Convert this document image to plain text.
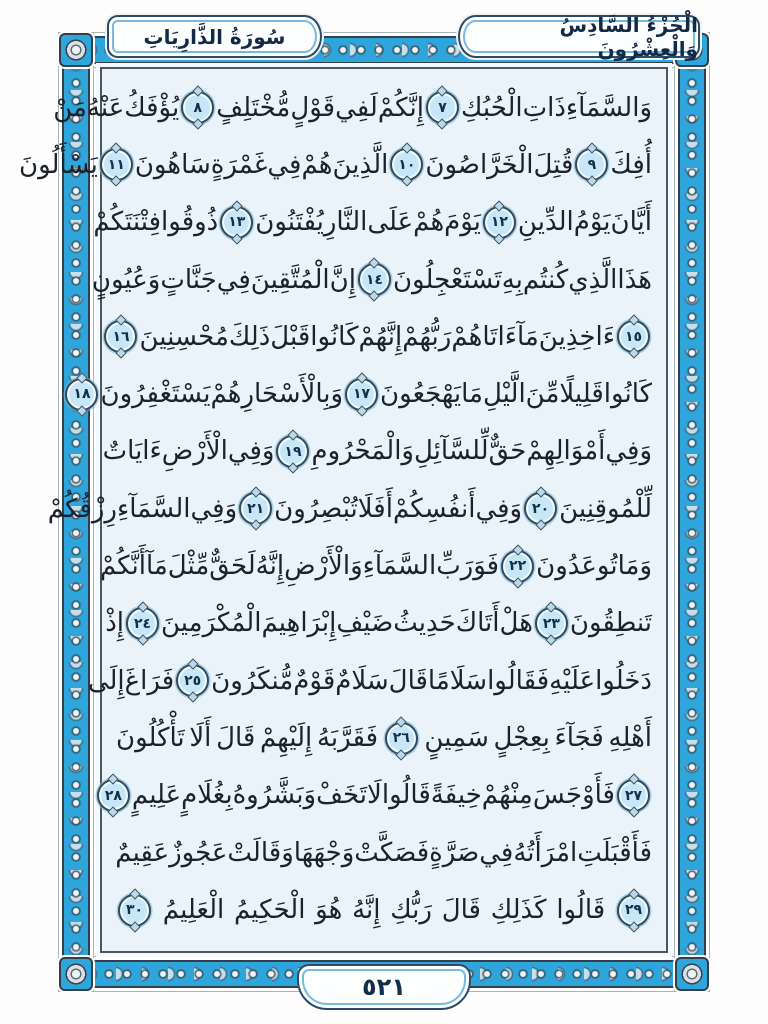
سُورَةُ الذَّارِيَاتِ	الْجُزْءُ السَّادِسُ وَالْعِشْرُونَ
وَالسَّمَآءِ
ذَاتِ
الْحُبُكِ
٧
إِنَّكُمْ
لَفِي
قَوْلٍ
مُّخْتَلِفٍ
٨
يُؤْفَكُ
عَنْهُ
مَنْ
أُفِكَ
٩
قُتِلَ
الْخَرَّاصُونَ
١٠
الَّذِينَ
هُمْ
فِي
غَمْرَةٍ
سَاهُونَ
١١
يَسْأَلُونَ
أَيَّانَ
يَوْمُ
الدِّينِ
١٢
يَوْمَ
هُمْ
عَلَى
النَّارِ
يُفْتَنُونَ
١٣
ذُوقُوا
فِتْنَتَكُمْ
هَذَا
الَّذِي
كُنتُم
بِهِ
تَسْتَعْجِلُونَ
١٤
إِنَّ
الْمُتَّقِينَ
فِي
جَنَّاتٍ
وَعُيُونٍ
١٥
ءَاخِذِينَ
مَآ
ءَاتَاهُمْ
رَبُّهُمْ
إِنَّهُمْ
كَانُوا
قَبْلَ
ذَلِكَ
مُحْسِنِينَ
١٦
كَانُوا
قَلِيلًا
مِّنَ
الَّيْلِ
مَا
يَهْجَعُونَ
١٧
وَبِالْأَسْحَارِ
هُمْ
يَسْتَغْفِرُونَ
١٨
وَفِي
أَمْوَالِهِمْ
حَقٌّ
لِّلسَّآئِلِ
وَالْمَحْرُومِ
١٩
وَفِي
الْأَرْضِ
ءَايَاتٌ
لِّلْمُوقِنِينَ
٢٠
وَفِي
أَنفُسِكُمْ
أَفَلَا
تُبْصِرُونَ
٢١
وَفِي
السَّمَآءِ
رِزْقُكُمْ
وَمَا
تُوعَدُونَ
٢٢
فَوَرَبِّ
السَّمَآءِ
وَالْأَرْضِ
إِنَّهُ
لَحَقٌّ
مِّثْلَ
مَآ
أَنَّكُمْ
تَنطِقُونَ
٢٣
هَلْ
أَتَاكَ
حَدِيثُ
ضَيْفِ
إِبْرَاهِيمَ
الْمُكْرَمِينَ
٢٤
إِذْ
دَخَلُوا
عَلَيْهِ
فَقَالُوا
سَلَامًا
قَالَ
سَلَامٌ
قَوْمٌ
مُّنكَرُونَ
٢٥
فَرَاغَ
إِلَى
أَهْلِهِ
فَجَآءَ
بِعِجْلٍ
سَمِينٍ
٢٦
فَقَرَّبَهُ
إِلَيْهِمْ
قَالَ
أَلَا
تَأْكُلُونَ
٢٧
فَأَوْجَسَ
مِنْهُمْ
خِيفَةً
قَالُوا
لَا
تَخَفْ
وَبَشَّرُوهُ
بِغُلَامٍ
عَلِيمٍ
٢٨
فَأَقْبَلَتِ
امْرَأَتُهُ
فِي
صَرَّةٍ
فَصَكَّتْ
وَجْهَهَا
وَقَالَتْ
عَجُوزٌ
عَقِيمٌ
٢٩
قَالُوا
كَذَلِكِ
قَالَ
رَبُّكِ
إِنَّهُ
هُوَ
الْحَكِيمُ
الْعَلِيمُ
٣٠
٥٢١
